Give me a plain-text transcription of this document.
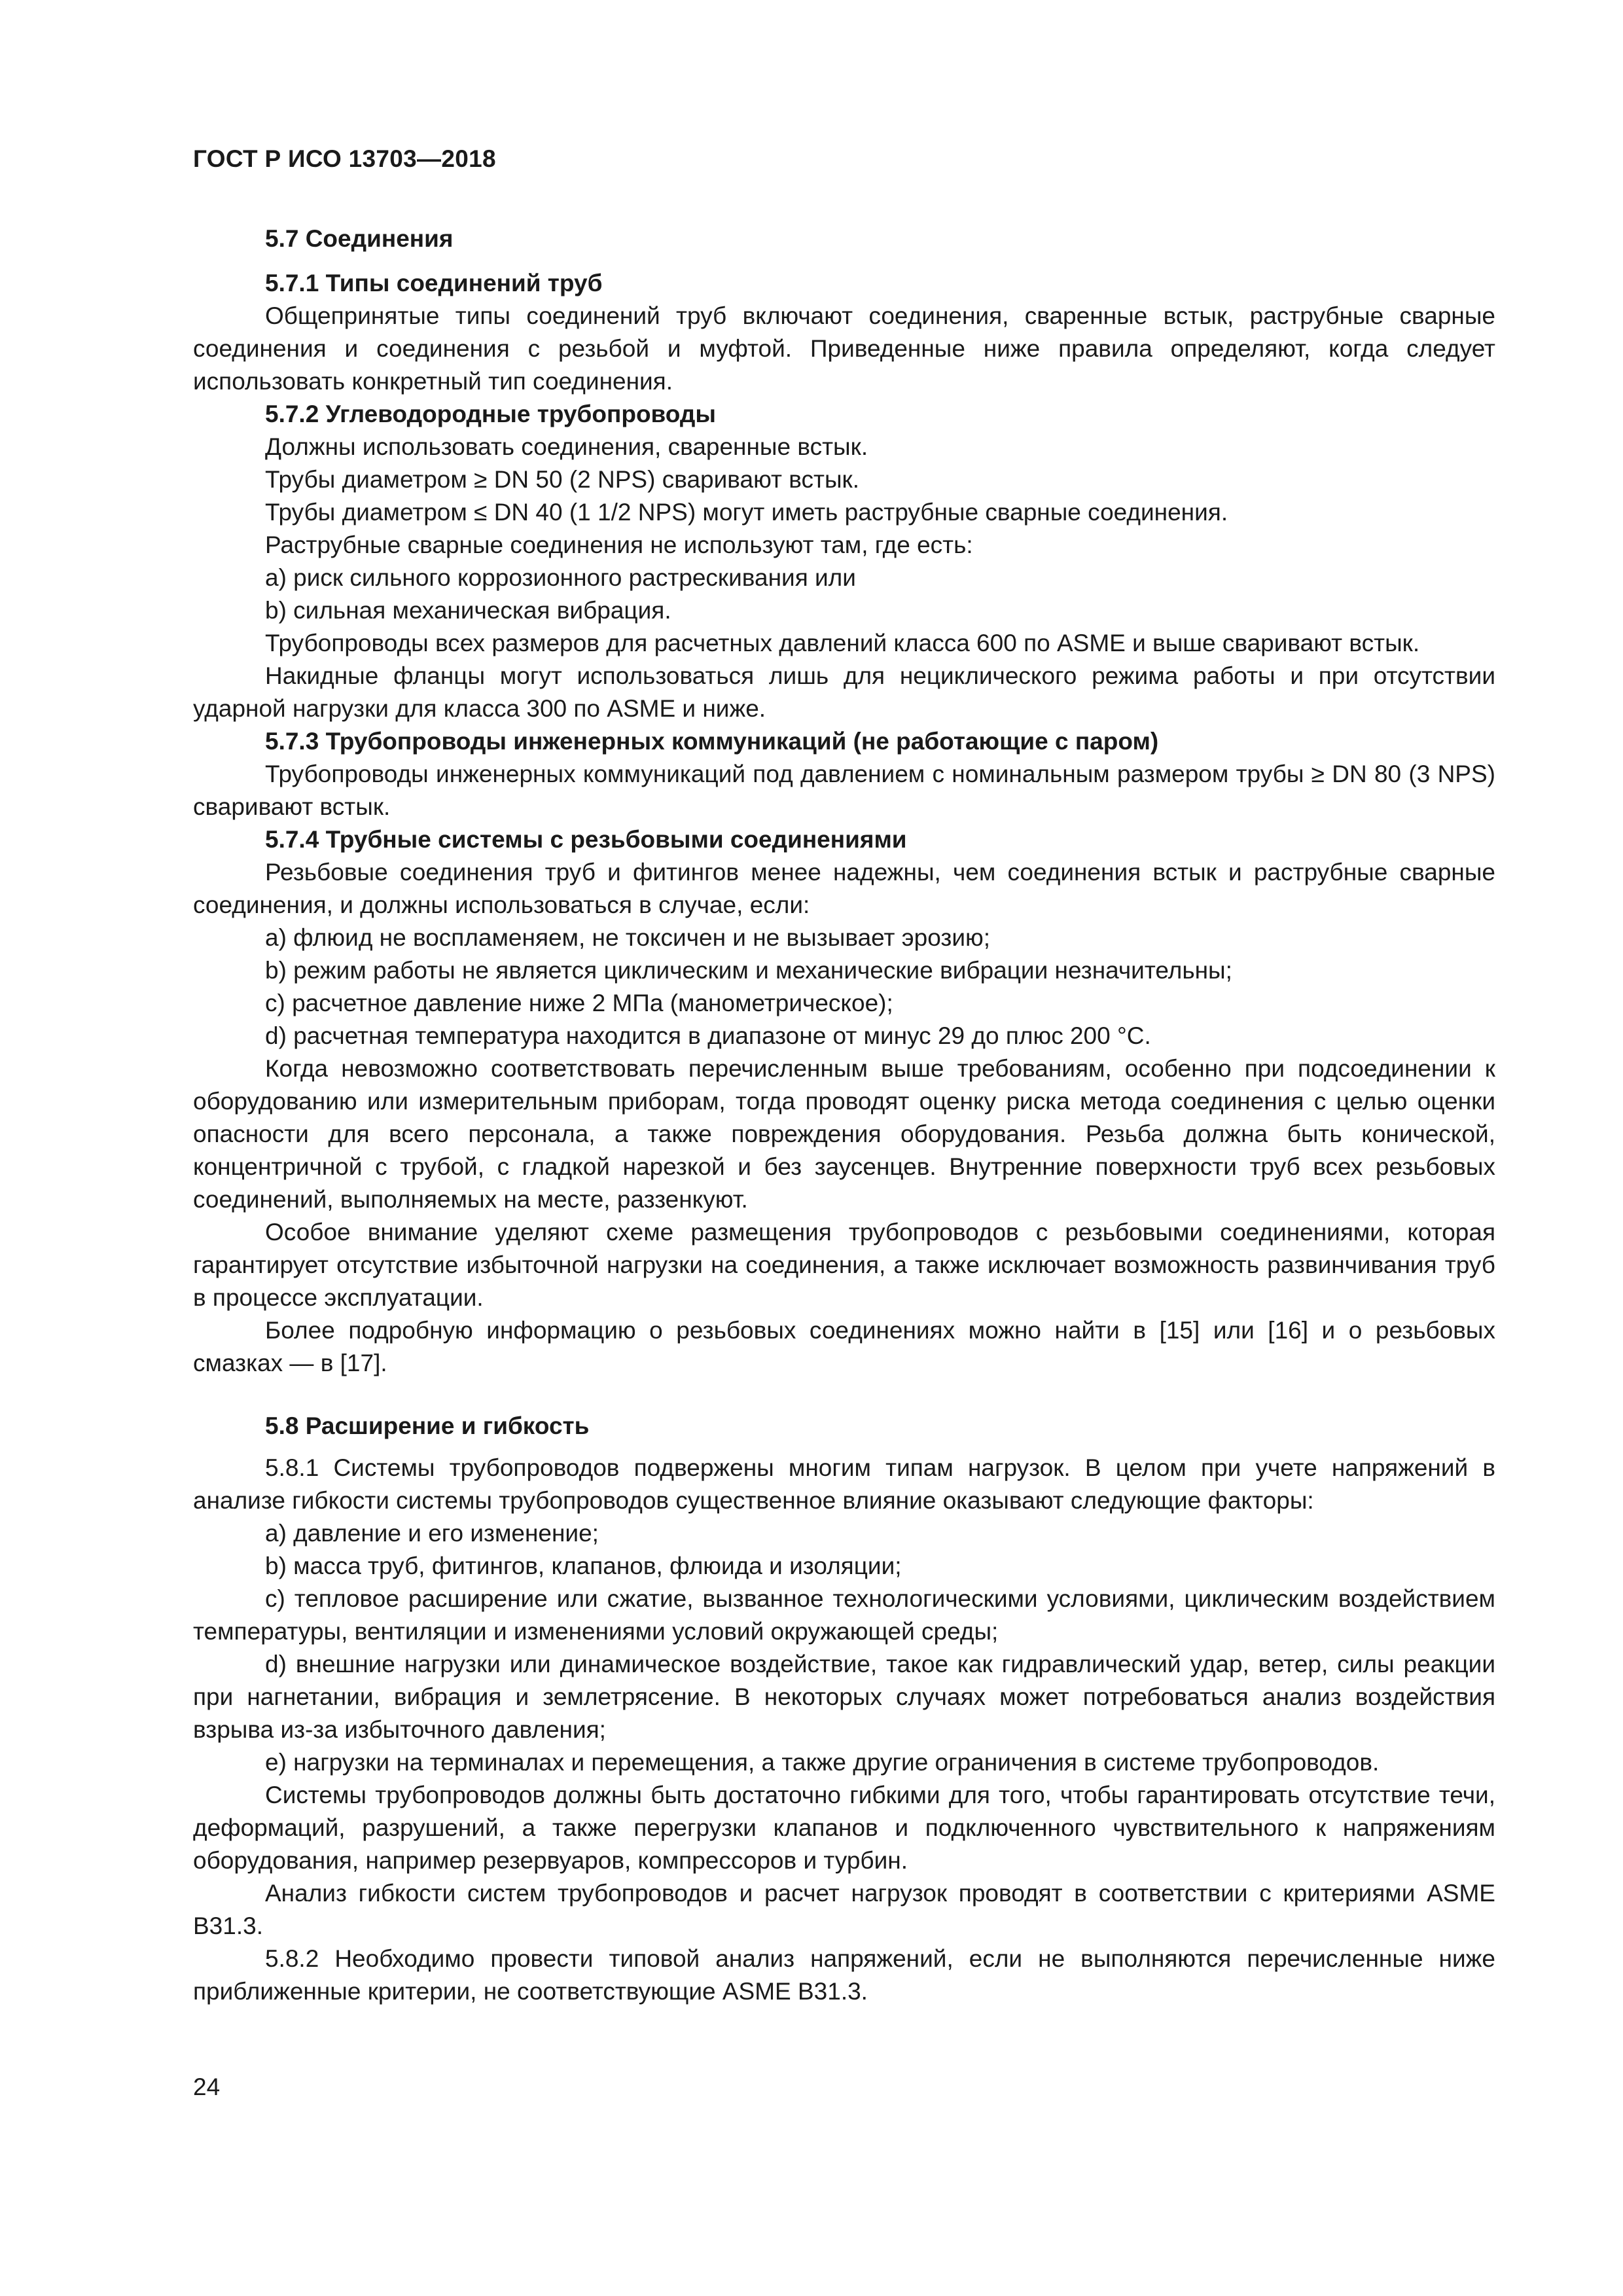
ГОСТ Р ИСО 13703—2018

5.7 Соединения

5.7.1 Типы соединений труб

Общепринятые типы соединений труб включают соединения, сваренные встык, раструбные сварные соединения и соединения с резьбой и муфтой. Приведенные ниже правила определяют, когда следует использовать конкретный тип соединения.

5.7.2 Углеводородные трубопроводы

Должны использовать соединения, сваренные встык.

Трубы диаметром ≥ DN 50 (2 NPS) сваривают встык.

Трубы диаметром ≤ DN 40 (1 1/2 NPS) могут иметь раструбные сварные соединения.

Раструбные сварные соединения не используют там, где есть:

a) риск сильного коррозионного растрескивания или

b) сильная механическая вибрация.

Трубопроводы всех размеров для расчетных давлений класса 600 по ASME и выше сваривают встык.

Накидные фланцы могут использоваться лишь для нециклического режима работы и при отсутствии ударной нагрузки для класса 300 по ASME и ниже.

5.7.3 Трубопроводы инженерных коммуникаций (не работающие с паром)

Трубопроводы инженерных коммуникаций под давлением с номинальным размером трубы ≥ DN 80 (3 NPS) сваривают встык.

5.7.4 Трубные системы с резьбовыми соединениями

Резьбовые соединения труб и фитингов менее надежны, чем соединения встык и раструбные сварные соединения, и должны использоваться в случае, если:

a) флюид не воспламеняем, не токсичен и не вызывает эрозию;

b) режим работы не является циклическим и механические вибрации незначительны;

c) расчетное давление ниже 2 МПа (манометрическое);

d) расчетная температура находится в диапазоне от минус 29 до плюс 200 °С.

Когда невозможно соответствовать перечисленным выше требованиям, особенно при подсоединении к оборудованию или измерительным приборам, тогда проводят оценку риска метода соединения с целью оценки опасности для всего персонала, а также повреждения оборудования. Резьба должна быть конической, концентричной с трубой, с гладкой нарезкой и без заусенцев. Внутренние поверхности труб всех резьбовых соединений, выполняемых на месте, раззенкуют.

Особое внимание уделяют схеме размещения трубопроводов с резьбовыми соединениями, которая гарантирует отсутствие избыточной нагрузки на соединения, а также исключает возможность развинчивания труб в процессе эксплуатации.

Более подробную информацию о резьбовых соединениях можно найти в [15] или [16] и о резьбовых смазках — в [17].

5.8 Расширение и гибкость

5.8.1 Системы трубопроводов подвержены многим типам нагрузок. В целом при учете напряжений в анализе гибкости системы трубопроводов существенное влияние оказывают следующие факторы:

a) давление и его изменение;

b) масса труб, фитингов, клапанов, флюида и изоляции;

c) тепловое расширение или сжатие, вызванное технологическими условиями, циклическим воздействием температуры, вентиляции и изменениями условий окружающей среды;

d) внешние нагрузки или динамическое воздействие, такое как гидравлический удар, ветер, силы реакции при нагнетании, вибрация и землетрясение. В некоторых случаях может потребоваться анализ воздействия взрыва из-за избыточного давления;

e) нагрузки на терминалах и перемещения, а также другие ограничения в системе трубопроводов.

Системы трубопроводов должны быть достаточно гибкими для того, чтобы гарантировать отсутствие течи, деформаций, разрушений, а также перегрузки клапанов и подключенного чувствительного к напряжениям оборудования, например резервуаров, компрессоров и турбин.

Анализ гибкости систем трубопроводов и расчет нагрузок проводят в соответствии с критериями ASME B31.3.

5.8.2 Необходимо провести типовой анализ напряжений, если не выполняются перечисленные ниже приближенные критерии, не соответствующие ASME B31.3.

24
